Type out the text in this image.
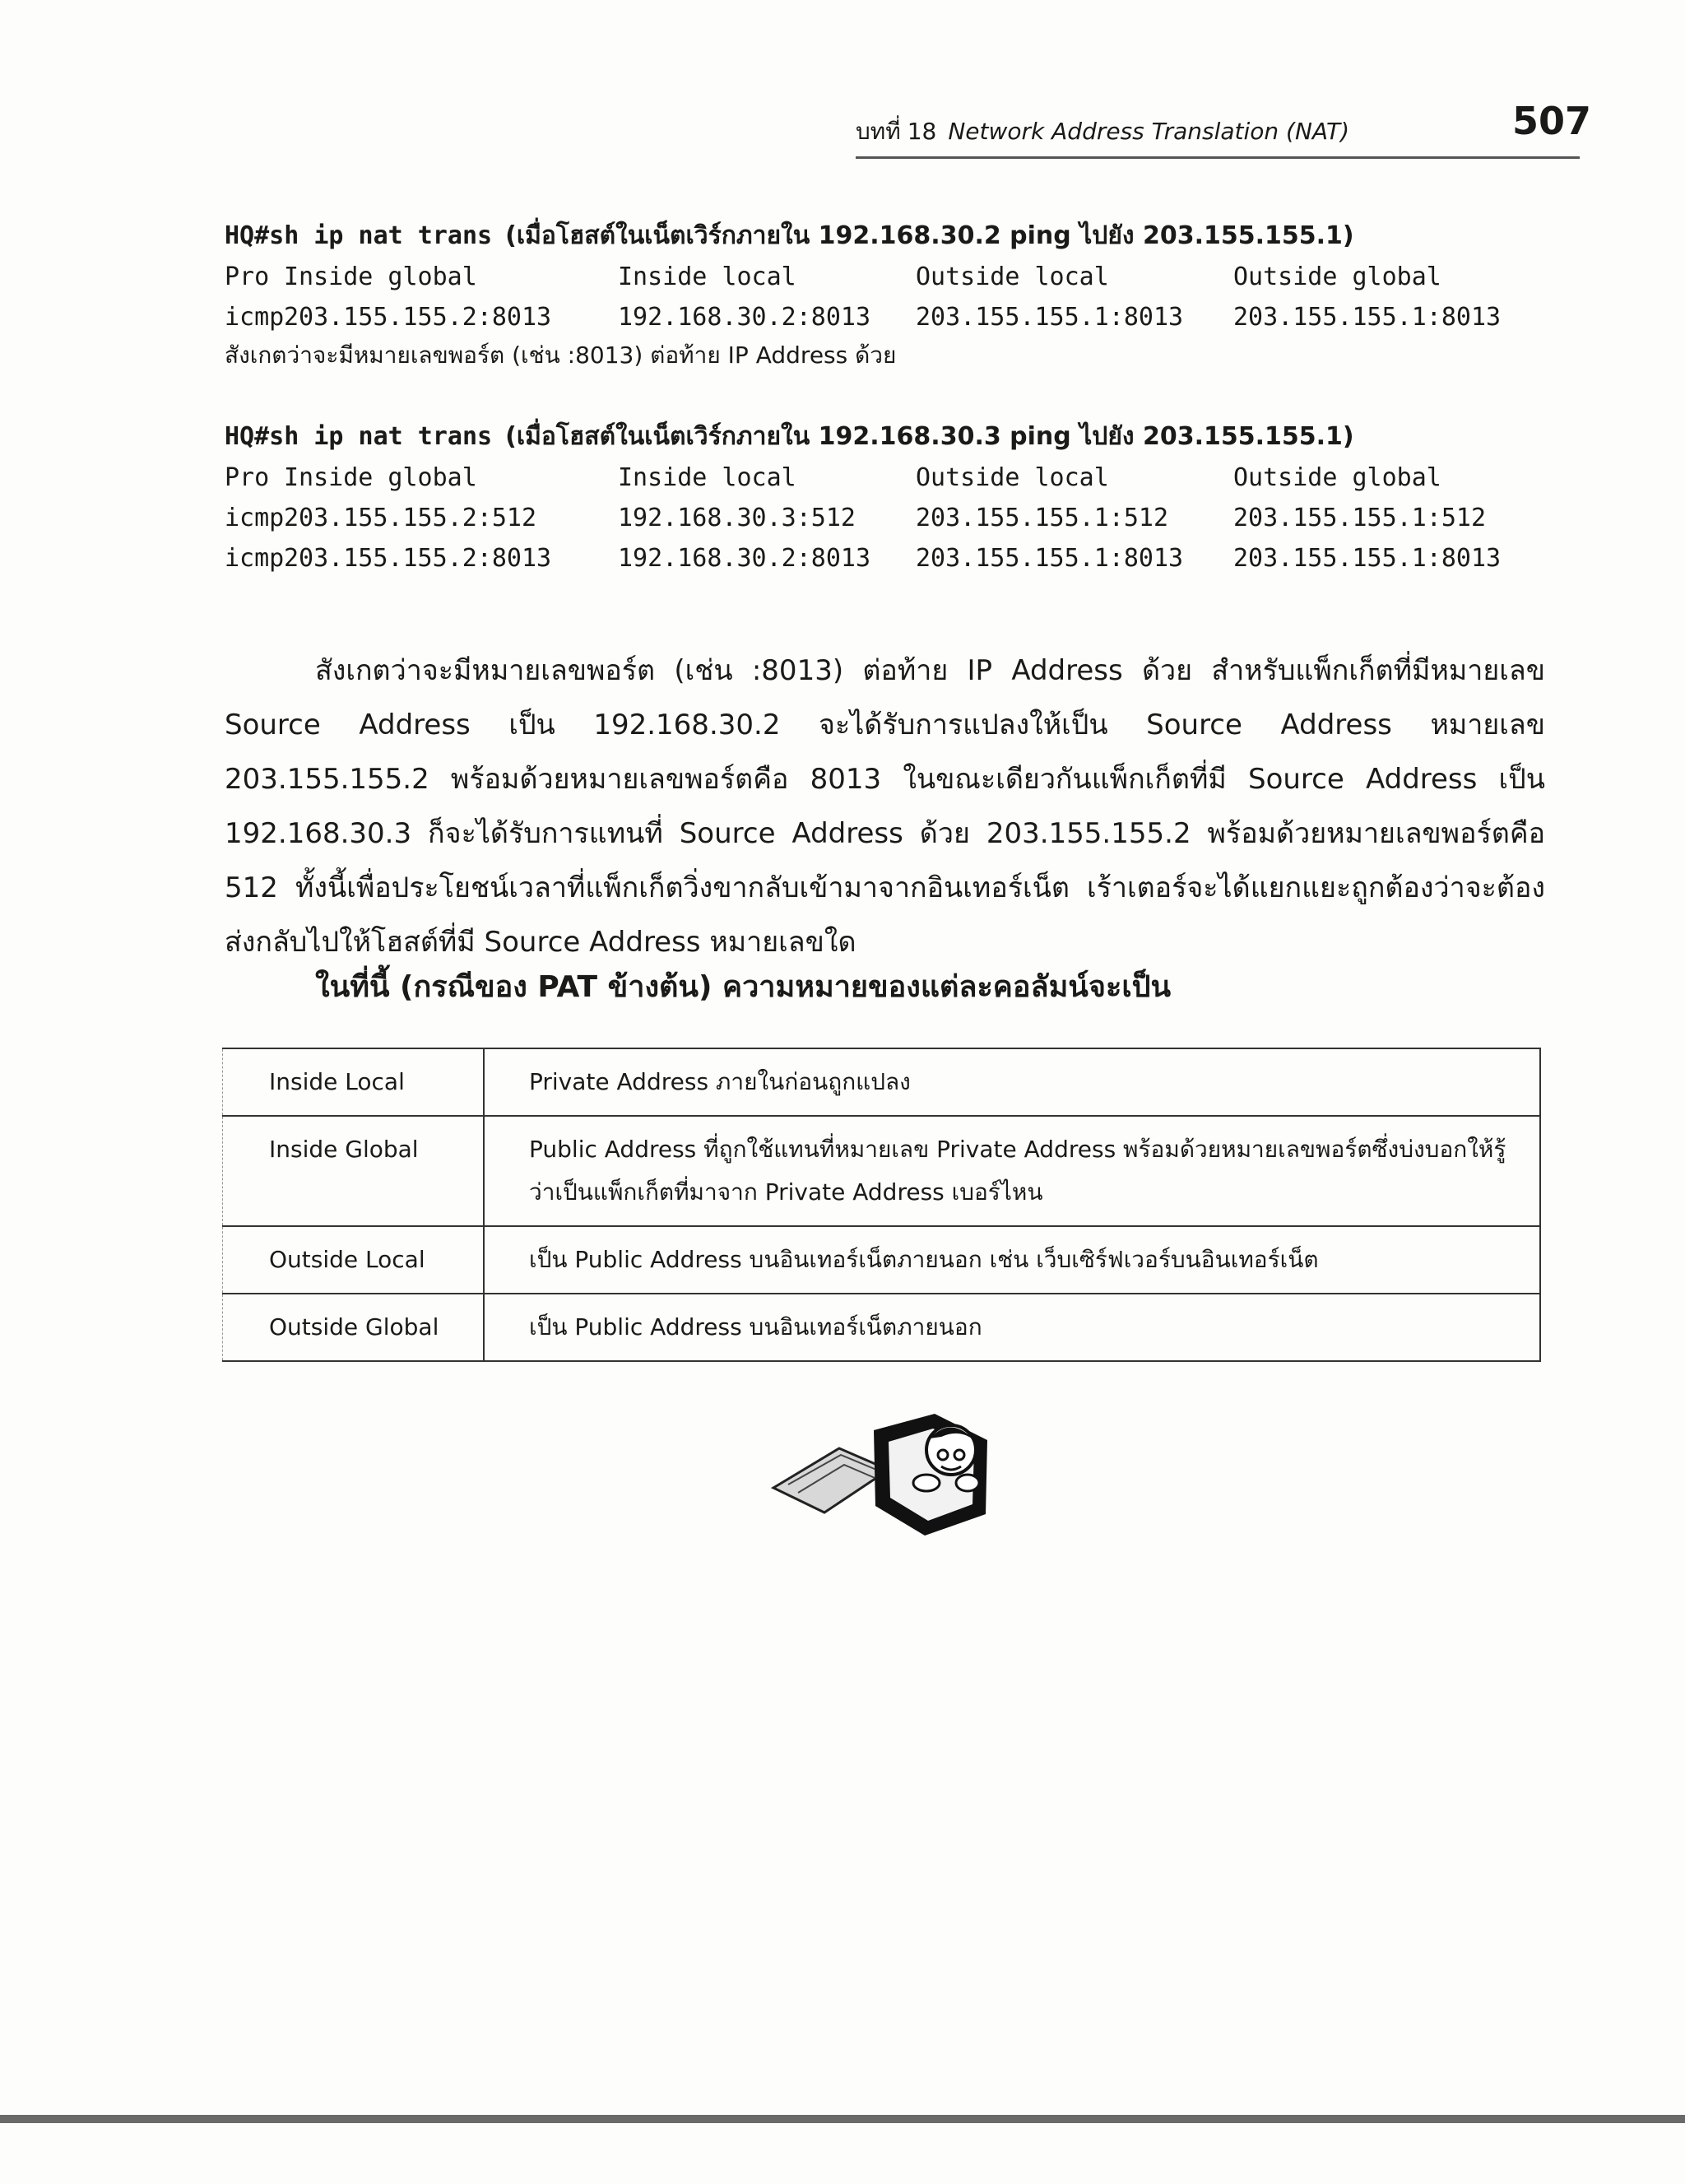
บทที่ 18 Network Address Translation (NAT)	507
HQ#sh ip nat trans (เมื่อโฮสต์ในเน็ตเวิร์กภายใน 192.168.30.2 ping ไปยัง 203.155.155.1)
Pro Inside global	Inside local	Outside local	Outside global
icmp 203.155.155.2:8013	192.168.30.2:8013 203.155.155.1:8013 203.155.155.1:8013
สังเกตว่าจะมีหมายเลขพอร์ต (เช่น :8013) ต่อท้าย IP Address ด้วย
HQ#sh ip nat trans (เมื่อโฮสต์ในเน็ตเวิร์กภายใน 192.168.30.3 ping ไปยัง 203.155.155.1)
Pro Inside global	Inside local	Outside local	Outside global
icmp 203.155.155.2:512	192.168.30.3:512 203.155.155.1:512	203.155.155.1:512
icmp 203.155.155.2:8013	192.168.30.2:8013 203.155.155.1:8013 203.155.155.1:8013

สังเกตว่าจะมีหมายเลขพอร์ต (เช่น :8013) ต่อท้าย IP Address ด้วย สำหรับแพ็กเก็ตที่มีหมายเลข Source Address เป็น 192.168.30.2 จะได้รับการแปลงให้เป็น Source Address หมายเลข 203.155.155.2 พร้อมด้วยหมายเลขพอร์ตคือ 8013 ในขณะเดียวกันแพ็กเก็ตที่มี Source Address เป็น 192.168.30.3 ก็จะได้รับการแทนที่ Source Address ด้วย 203.155.155.2 พร้อมด้วยหมายเลขพอร์ตคือ 512 ทั้งนี้เพื่อประโยชน์เวลาที่แพ็กเก็ตวิ่งขากลับเข้ามาจากอินเทอร์เน็ต เร้าเตอร์จะได้แยกแยะถูกต้องว่าจะต้องส่งกลับไปให้โฮสต์ที่มี Source Address หมายเลขใด

ในที่นี้ (กรณีของ PAT ข้างต้น) ความหมายของแต่ละคอลัมน์จะเป็น
Inside Local	Private Address ภายในก่อนถูกแปลง
Inside Global	Public Address ที่ถูกใช้แทนที่หมายเลข Private Address พร้อมด้วยหมายเลขพอร์ตซึ่งบ่งบอกให้รู้ว่าเป็นแพ็กเก็ตที่มาจาก Private Address เบอร์ไหน
Outside Local	เป็น Public Address บนอินเทอร์เน็ตภายนอก เช่น เว็บเซิร์ฟเวอร์บนอินเทอร์เน็ต
Outside Global	เป็น Public Address บนอินเทอร์เน็ตภายนอก
